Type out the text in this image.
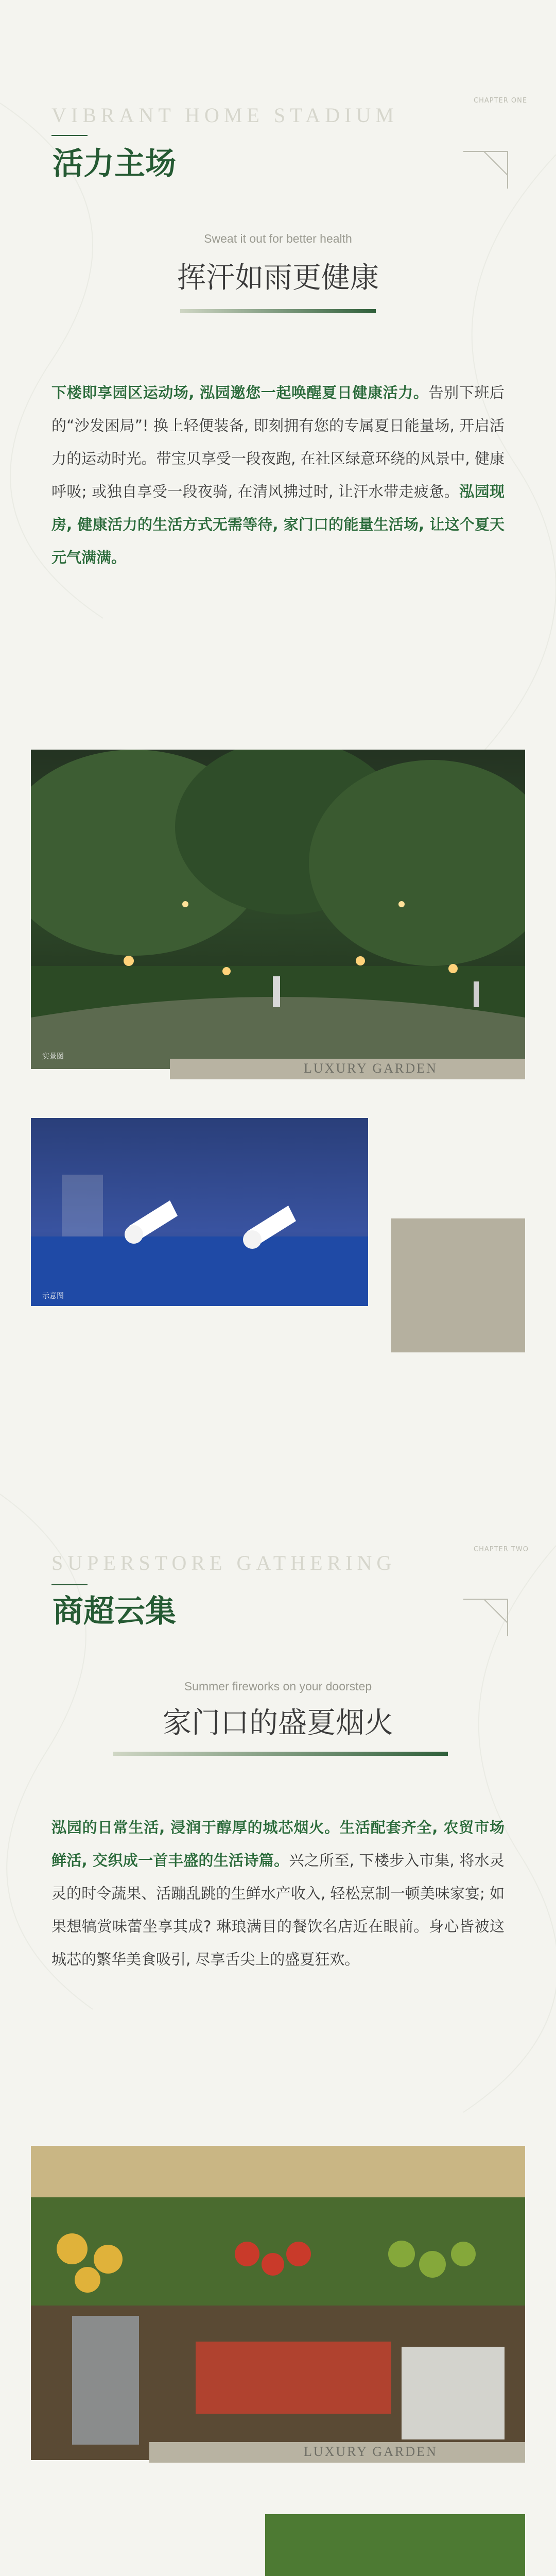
VIBRANT HOME STADIUM
CHAPTER ONE
活力主场
Sweat it out for better health
挥汗如雨更健康
下楼即享园区运动场, 泓园邀您一起唤醒夏日健康活力。告别下班后的“沙发困局”! 换上轻便装备, 即刻拥有您的专属夏日能量场, 开启活力的运动时光。带宝贝享受一段夜跑, 在社区绿意环绕的风景中, 健康呼吸; 或独自享受一段夜骑, 在清风拂过时, 让汗水带走疲惫。泓园现房, 健康活力的生活方式无需等待, 家门口的能量生活场, 让这个夏天元气满满。
实景图
LUXURY GARDEN
示意图
SUPERSTORE GATHERING
CHAPTER TWO
商超云集
Summer fireworks on your doorstep
家门口的盛夏烟火
泓园的日常生活, 浸润于醇厚的城芯烟火。生活配套齐全, 农贸市场鲜活, 交织成一首丰盛的生活诗篇。兴之所至, 下楼步入市集, 将水灵灵的时令蔬果、活蹦乱跳的生鲜水产收入, 轻松烹制一顿美味家宴; 如果想犒赏味蕾坐享其成? 琳琅满目的餐饮名店近在眼前。身心皆被这城芯的繁华美食吸引, 尽享舌尖上的盛夏狂欢。
LUXURY GARDEN
